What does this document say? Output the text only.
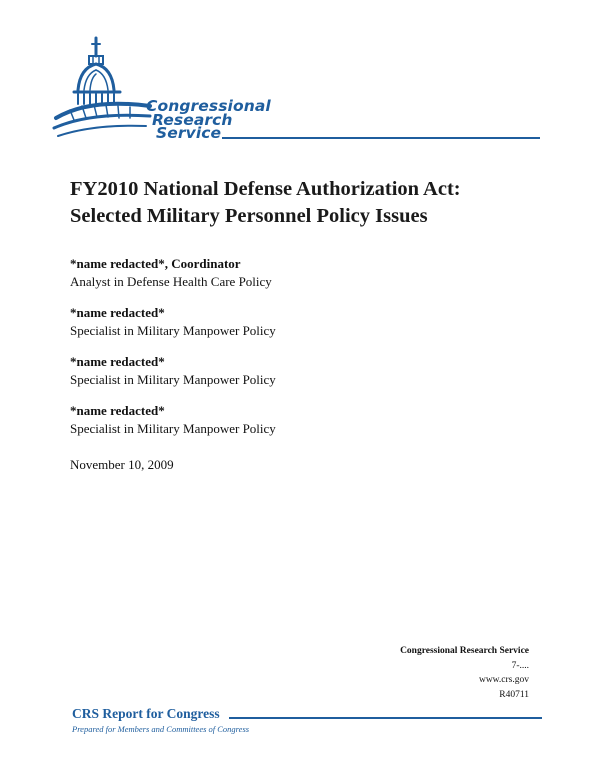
Congressional
Research
Service
FY2010 National Defense Authorization Act:
Selected Military Personnel Policy Issues
*name redacted*, Coordinator
Analyst in Defense Health Care Policy
*name redacted*
Specialist in Military Manpower Policy
*name redacted*
Specialist in Military Manpower Policy
*name redacted*
Specialist in Military Manpower Policy
November 10, 2009
Congressional Research Service
7-....
www.crs.gov
R40711
CRS Report for Congress
Prepared for Members and Committees of Congress
